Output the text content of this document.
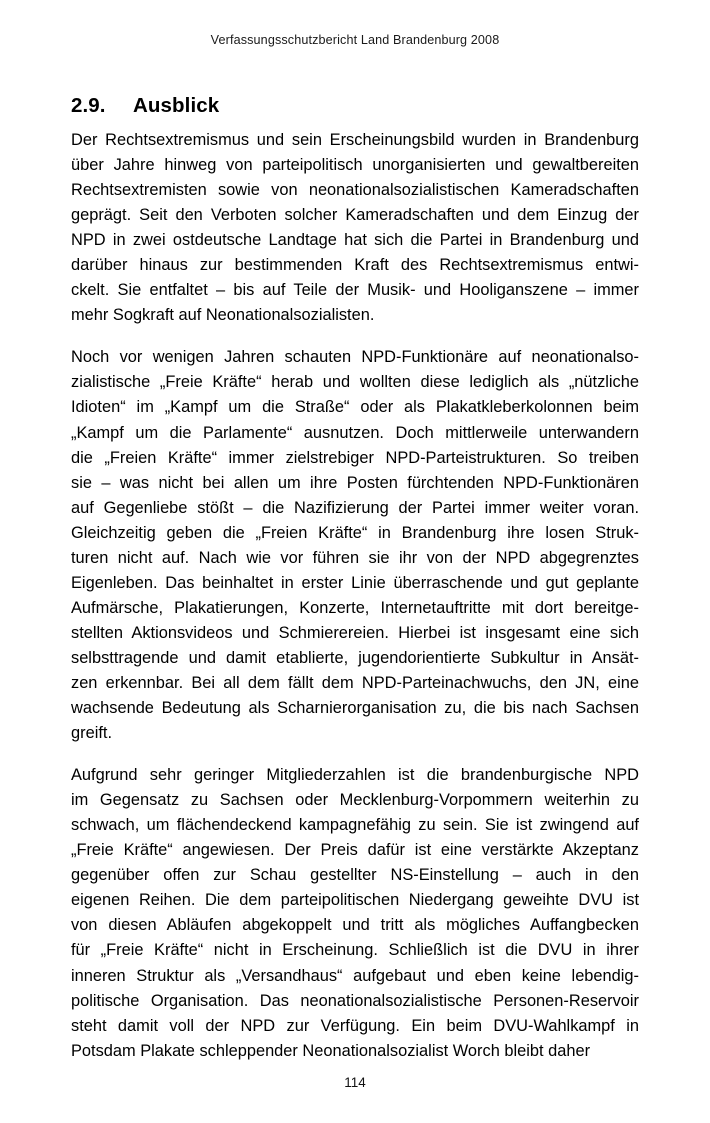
Verfassungsschutzbericht Land Brandenburg 2008
2.9.	Ausblick

Der Rechtsextremismus und sein Erscheinungsbild wurden in Brandenburg
über Jahre hinweg von parteipolitisch unorganisierten und gewaltbereiten
Rechtsextremisten sowie von neonationalsozialistischen Kameradschaften
geprägt. Seit den Verboten solcher Kameradschaften und dem Einzug der
NPD in zwei ostdeutsche Landtage hat sich die Partei in Brandenburg und
darüber hinaus zur bestimmenden Kraft des Rechtsextremismus entwi-
ckelt. Sie entfaltet – bis auf Teile der Musik- und Hooliganszene – immer
mehr Sogkraft auf Neonationalsozialisten.

Noch vor wenigen Jahren schauten NPD-Funktionäre auf neonationalso-
zialistische „Freie Kräfte“ herab und wollten diese lediglich als „nützliche
Idioten“ im „Kampf um die Straße“ oder als Plakatkleberkolonnen beim
„Kampf um die Parlamente“ ausnutzen. Doch mittlerweile unterwandern
die „Freien Kräfte“ immer zielstrebiger NPD-Parteistrukturen. So treiben
sie – was nicht bei allen um ihre Posten fürchtenden NPD-Funktionären
auf Gegenliebe stößt – die Nazifizierung der Partei immer weiter voran.
Gleichzeitig geben die „Freien Kräfte“ in Brandenburg ihre losen Struk-
turen nicht auf. Nach wie vor führen sie ihr von der NPD abgegrenztes
Eigenleben. Das beinhaltet in erster Linie überraschende und gut geplante
Aufmärsche, Plakatierungen, Konzerte, Internetauftritte mit dort bereitge-
stellten Aktionsvideos und Schmierereien. Hierbei ist insgesamt eine sich
selbsttragende und damit etablierte, jugendorientierte Subkultur in Ansät-
zen erkennbar. Bei all dem fällt dem NPD-Parteinachwuchs, den JN, eine
wachsende Bedeutung als Scharnierorganisation zu, die bis nach Sachsen
greift.

Aufgrund sehr geringer Mitgliederzahlen ist die brandenburgische NPD
im Gegensatz zu Sachsen oder Mecklenburg-Vorpommern weiterhin zu
schwach, um flächendeckend kampagnefähig zu sein. Sie ist zwingend auf
„Freie Kräfte“ angewiesen. Der Preis dafür ist eine verstärkte Akzeptanz
gegenüber offen zur Schau gestellter NS-Einstellung – auch in den
eigenen Reihen. Die dem parteipolitischen Niedergang geweihte DVU ist
von diesen Abläufen abgekoppelt und tritt als mögliches Auffangbecken
für „Freie Kräfte“ nicht in Erscheinung. Schließlich ist die DVU in ihrer
inneren Struktur als „Versandhaus“ aufgebaut und eben keine lebendig-
politische Organisation. Das neonationalsozialistische Personen-Reservoir
steht damit voll der NPD zur Verfügung. Ein beim DVU-Wahlkampf in
Potsdam Plakate schleppender Neonationalsozialist Worch bleibt daher

114
